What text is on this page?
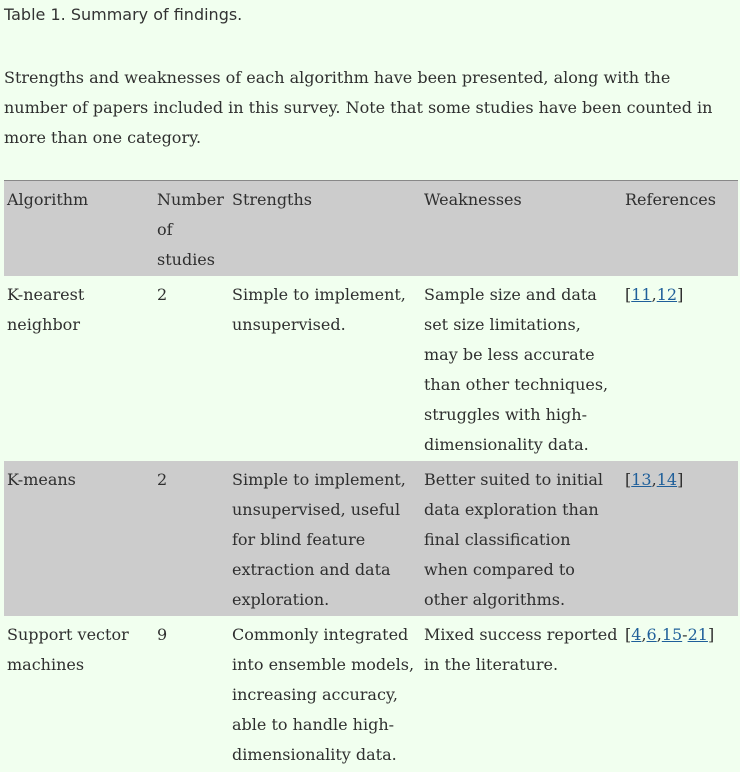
Table 1. Summary of findings.
Strengths and weaknesses of each algorithm have been presented, along with the number of papers included in this survey. Note that some studies have been counted in more than one category.
Algorithm	Number of studies	Strengths	Weaknesses	References
K-nearest neighbor	2	Simple to implement, unsupervised.	Sample size and data set size limitations, may be less accurate than other techniques, struggles with high-dimensionality data.	[11,12]
K-means	2	Simple to implement, unsupervised, useful for blind feature extraction and data exploration.	Better suited to initial data exploration than final classification when compared to other algorithms.	[13,14]
Support vector machines	9	Commonly integrated into ensemble models, increasing accuracy, able to handle high-dimensionality data.	Mixed success reported in the literature.	[4,6,15-21]
